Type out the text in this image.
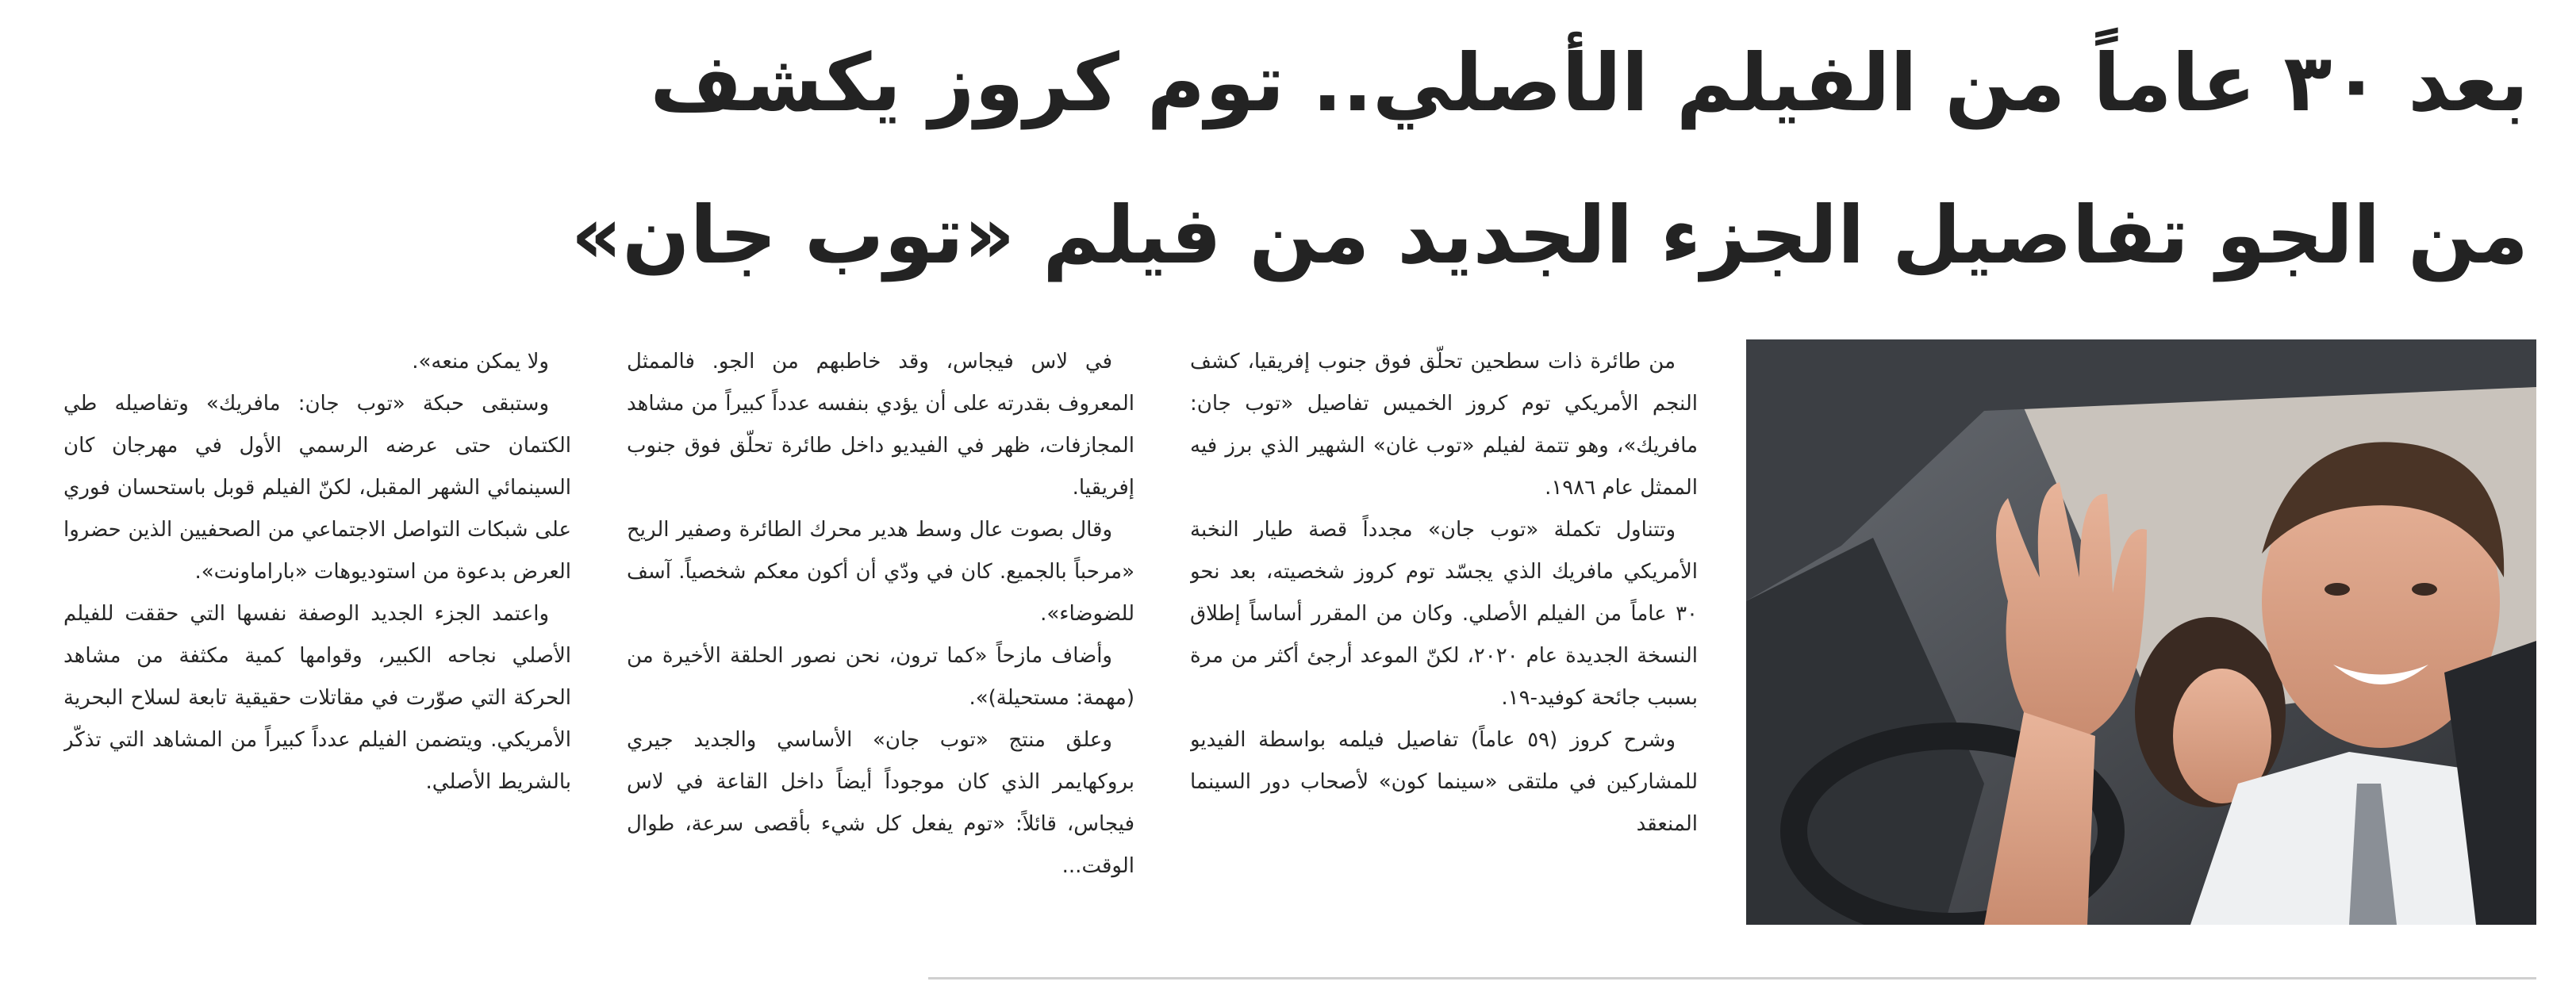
بعد ٣٠ عاماً من الفيلم الأصلي.. توم كروز يكشف
من الجو تفاصيل الجزء الجديد من فيلم «توب جان»

من طائرة ذات سطحين تحلّق فوق جنوب إفريقيا، كشف النجم الأمريكي توم كروز الخميس تفاصيل «توب جان: مافريك»، وهو تتمة لفيلم «توب غان» الشهير الذي برز فيه الممثل عام ١٩٨٦.

وتتناول تكملة «توب جان» مجدداً قصة طيار النخبة الأمريكي مافريك الذي يجسّد توم كروز شخصيته، بعد نحو ٣٠ عاماً من الفيلم الأصلي. وكان من المقرر أساساً إطلاق النسخة الجديدة عام ٢٠٢٠، لكنّ الموعد أرجئ أكثر من مرة بسبب جائحة كوفيد-١٩.

وشرح كروز (٥٩ عاماً) تفاصيل فيلمه بواسطة الفيديو للمشاركين في ملتقى «سينما كون» لأصحاب دور السينما المنعقد

في لاس فيجاس، وقد خاطبهم من الجو. فالممثل المعروف بقدرته على أن يؤدي بنفسه عدداً كبيراً من مشاهد المجازفات، ظهر في الفيديو داخل طائرة تحلّق فوق جنوب إفريقيا.

وقال بصوت عال وسط هدير محرك الطائرة وصفير الريح «مرحباً بالجميع. كان في ودّي أن أكون معكم شخصياً. آسف للضوضاء».

وأضاف مازحاً «كما ترون، نحن نصور الحلقة الأخيرة من (مهمة: مستحيلة)».

وعلق منتج «توب جان» الأساسي والجديد جيري بروكهايمر الذي كان موجوداً أيضاً داخل القاعة في لاس فيجاس، قائلاً: «توم يفعل كل شيء بأقصى سرعة، طوال الوقت...

ولا يمكن منعه».

وستبقى حبكة «توب جان: مافريك» وتفاصيله طي الكتمان حتى عرضه الرسمي الأول في مهرجان كان السينمائي الشهر المقبل، لكنّ الفيلم قوبل باستحسان فوري على شبكات التواصل الاجتماعي من الصحفيين الذين حضروا العرض بدعوة من استوديوهات «باراماونت».

واعتمد الجزء الجديد الوصفة نفسها التي حققت للفيلم الأصلي نجاحه الكبير، وقوامها كمية مكثفة من مشاهد الحركة التي صوّرت في مقاتلات حقيقية تابعة لسلاح البحرية الأمريكي. ويتضمن الفيلم عدداً كبيراً من المشاهد التي تذكّر بالشريط الأصلي.
